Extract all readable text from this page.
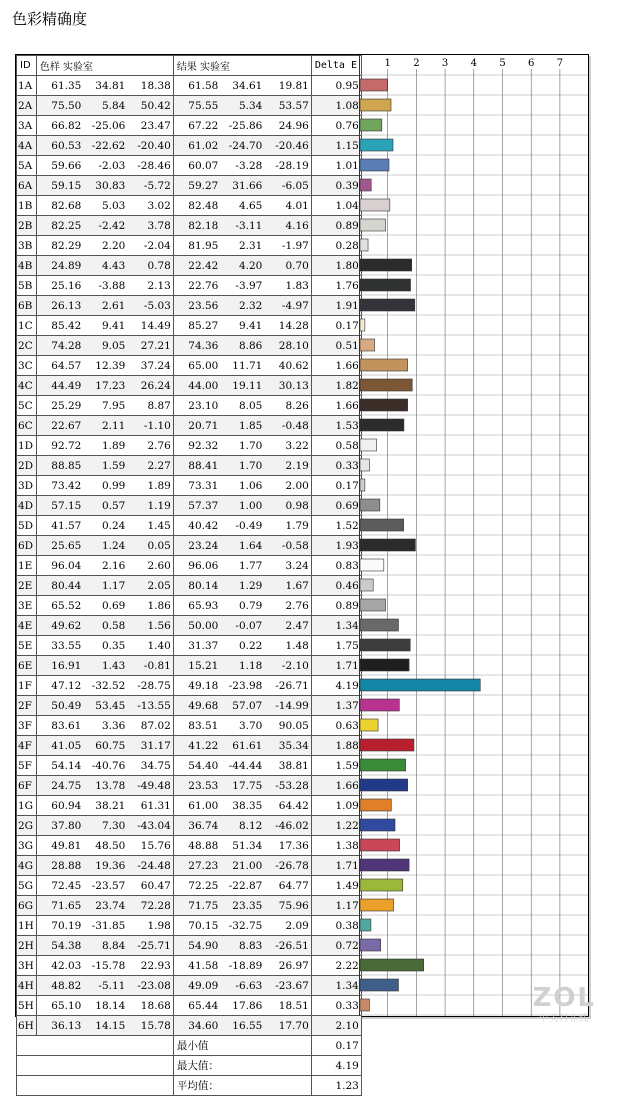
色彩精确度
ID	色样 实验室			结果 实验室			Delta E
1A	61.35	34.81	18.38	61.58	34.61	19.81	0.95
2A	75.50	5.84	50.42	75.55	5.34	53.57	1.08
3A	66.82	-25.06	23.47	67.22	-25.86	24.96	0.76
4A	60.53	-22.62	-20.40	61.02	-24.70	-20.46	1.15
5A	59.66	-2.03	-28.46	60.07	-3.28	-28.19	1.01
6A	59.15	30.83	-5.72	59.27	31.66	-6.05	0.39
1B	82.68	5.03	3.02	82.48	4.65	4.01	1.04
2B	82.25	-2.42	3.78	82.18	-3.11	4.16	0.89
3B	82.29	2.20	-2.04	81.95	2.31	-1.97	0.28
4B	24.89	4.43	0.78	22.42	4.20	0.70	1.80
5B	25.16	-3.88	2.13	22.76	-3.97	1.83	1.76
6B	26.13	2.61	-5.03	23.56	2.32	-4.97	1.91
1C	85.42	9.41	14.49	85.27	9.41	14.28	0.17
2C	74.28	9.05	27.21	74.36	8.86	28.10	0.51
3C	64.57	12.39	37.24	65.00	11.71	40.62	1.66
4C	44.49	17.23	26.24	44.00	19.11	30.13	1.82
5C	25.29	7.95	8.87	23.10	8.05	8.26	1.66
6C	22.67	2.11	-1.10	20.71	1.85	-0.48	1.53
1D	92.72	1.89	2.76	92.32	1.70	3.22	0.58
2D	88.85	1.59	2.27	88.41	1.70	2.19	0.33
3D	73.42	0.99	1.89	73.31	1.06	2.00	0.17
4D	57.15	0.57	1.19	57.37	1.00	0.98	0.69
5D	41.57	0.24	1.45	40.42	-0.49	1.79	1.52
6D	25.65	1.24	0.05	23.24	1.64	-0.58	1.93
1E	96.04	2.16	2.60	96.06	1.77	3.24	0.83
2E	80.44	1.17	2.05	80.14	1.29	1.67	0.46
3E	65.52	0.69	1.86	65.93	0.79	2.76	0.89
4E	49.62	0.58	1.56	50.00	-0.07	2.47	1.34
5E	33.55	0.35	1.40	31.37	0.22	1.48	1.75
6E	16.91	1.43	-0.81	15.21	1.18	-2.10	1.71
1F	47.12	-32.52	-28.75	49.18	-23.98	-26.71	4.19
2F	50.49	53.45	-13.55	49.68	57.07	-14.99	1.37
3F	83.61	3.36	87.02	83.51	3.70	90.05	0.63
4F	41.05	60.75	31.17	41.22	61.61	35.34	1.88
5F	54.14	-40.76	34.75	54.40	-44.44	38.81	1.59
6F	24.75	13.78	-49.48	23.53	17.75	-53.28	1.66
1G	60.94	38.21	61.31	61.00	38.35	64.42	1.09
2G	37.80	7.30	-43.04	36.74	8.12	-46.02	1.22
3G	49.81	48.50	15.76	48.88	51.34	17.36	1.38
4G	28.88	19.36	-24.48	27.23	21.00	-26.78	1.71
5G	72.45	-23.57	60.47	72.25	-22.87	64.77	1.49
6G	71.65	23.74	72.28	71.75	23.35	75.96	1.17
1H	70.19	-31.85	1.98	70.15	-32.75	2.09	0.38
2H	54.38	8.84	-25.71	54.90	8.83	-26.51	0.72
3H	42.03	-15.78	22.93	41.58	-18.89	26.97	2.22
4H	48.82	-5.11	-23.08	49.09	-6.63	-23.67	1.34
5H	65.10	18.14	18.68	65.44	17.86	18.51	0.33
6H	36.13	14.15	15.78	34.60	16.55	17.70	2.10
				最小值			0.17
				最大值：			4.19
				平均值：			1.23
1 2 3 4 5 6 7
ZOL
中关村在线
